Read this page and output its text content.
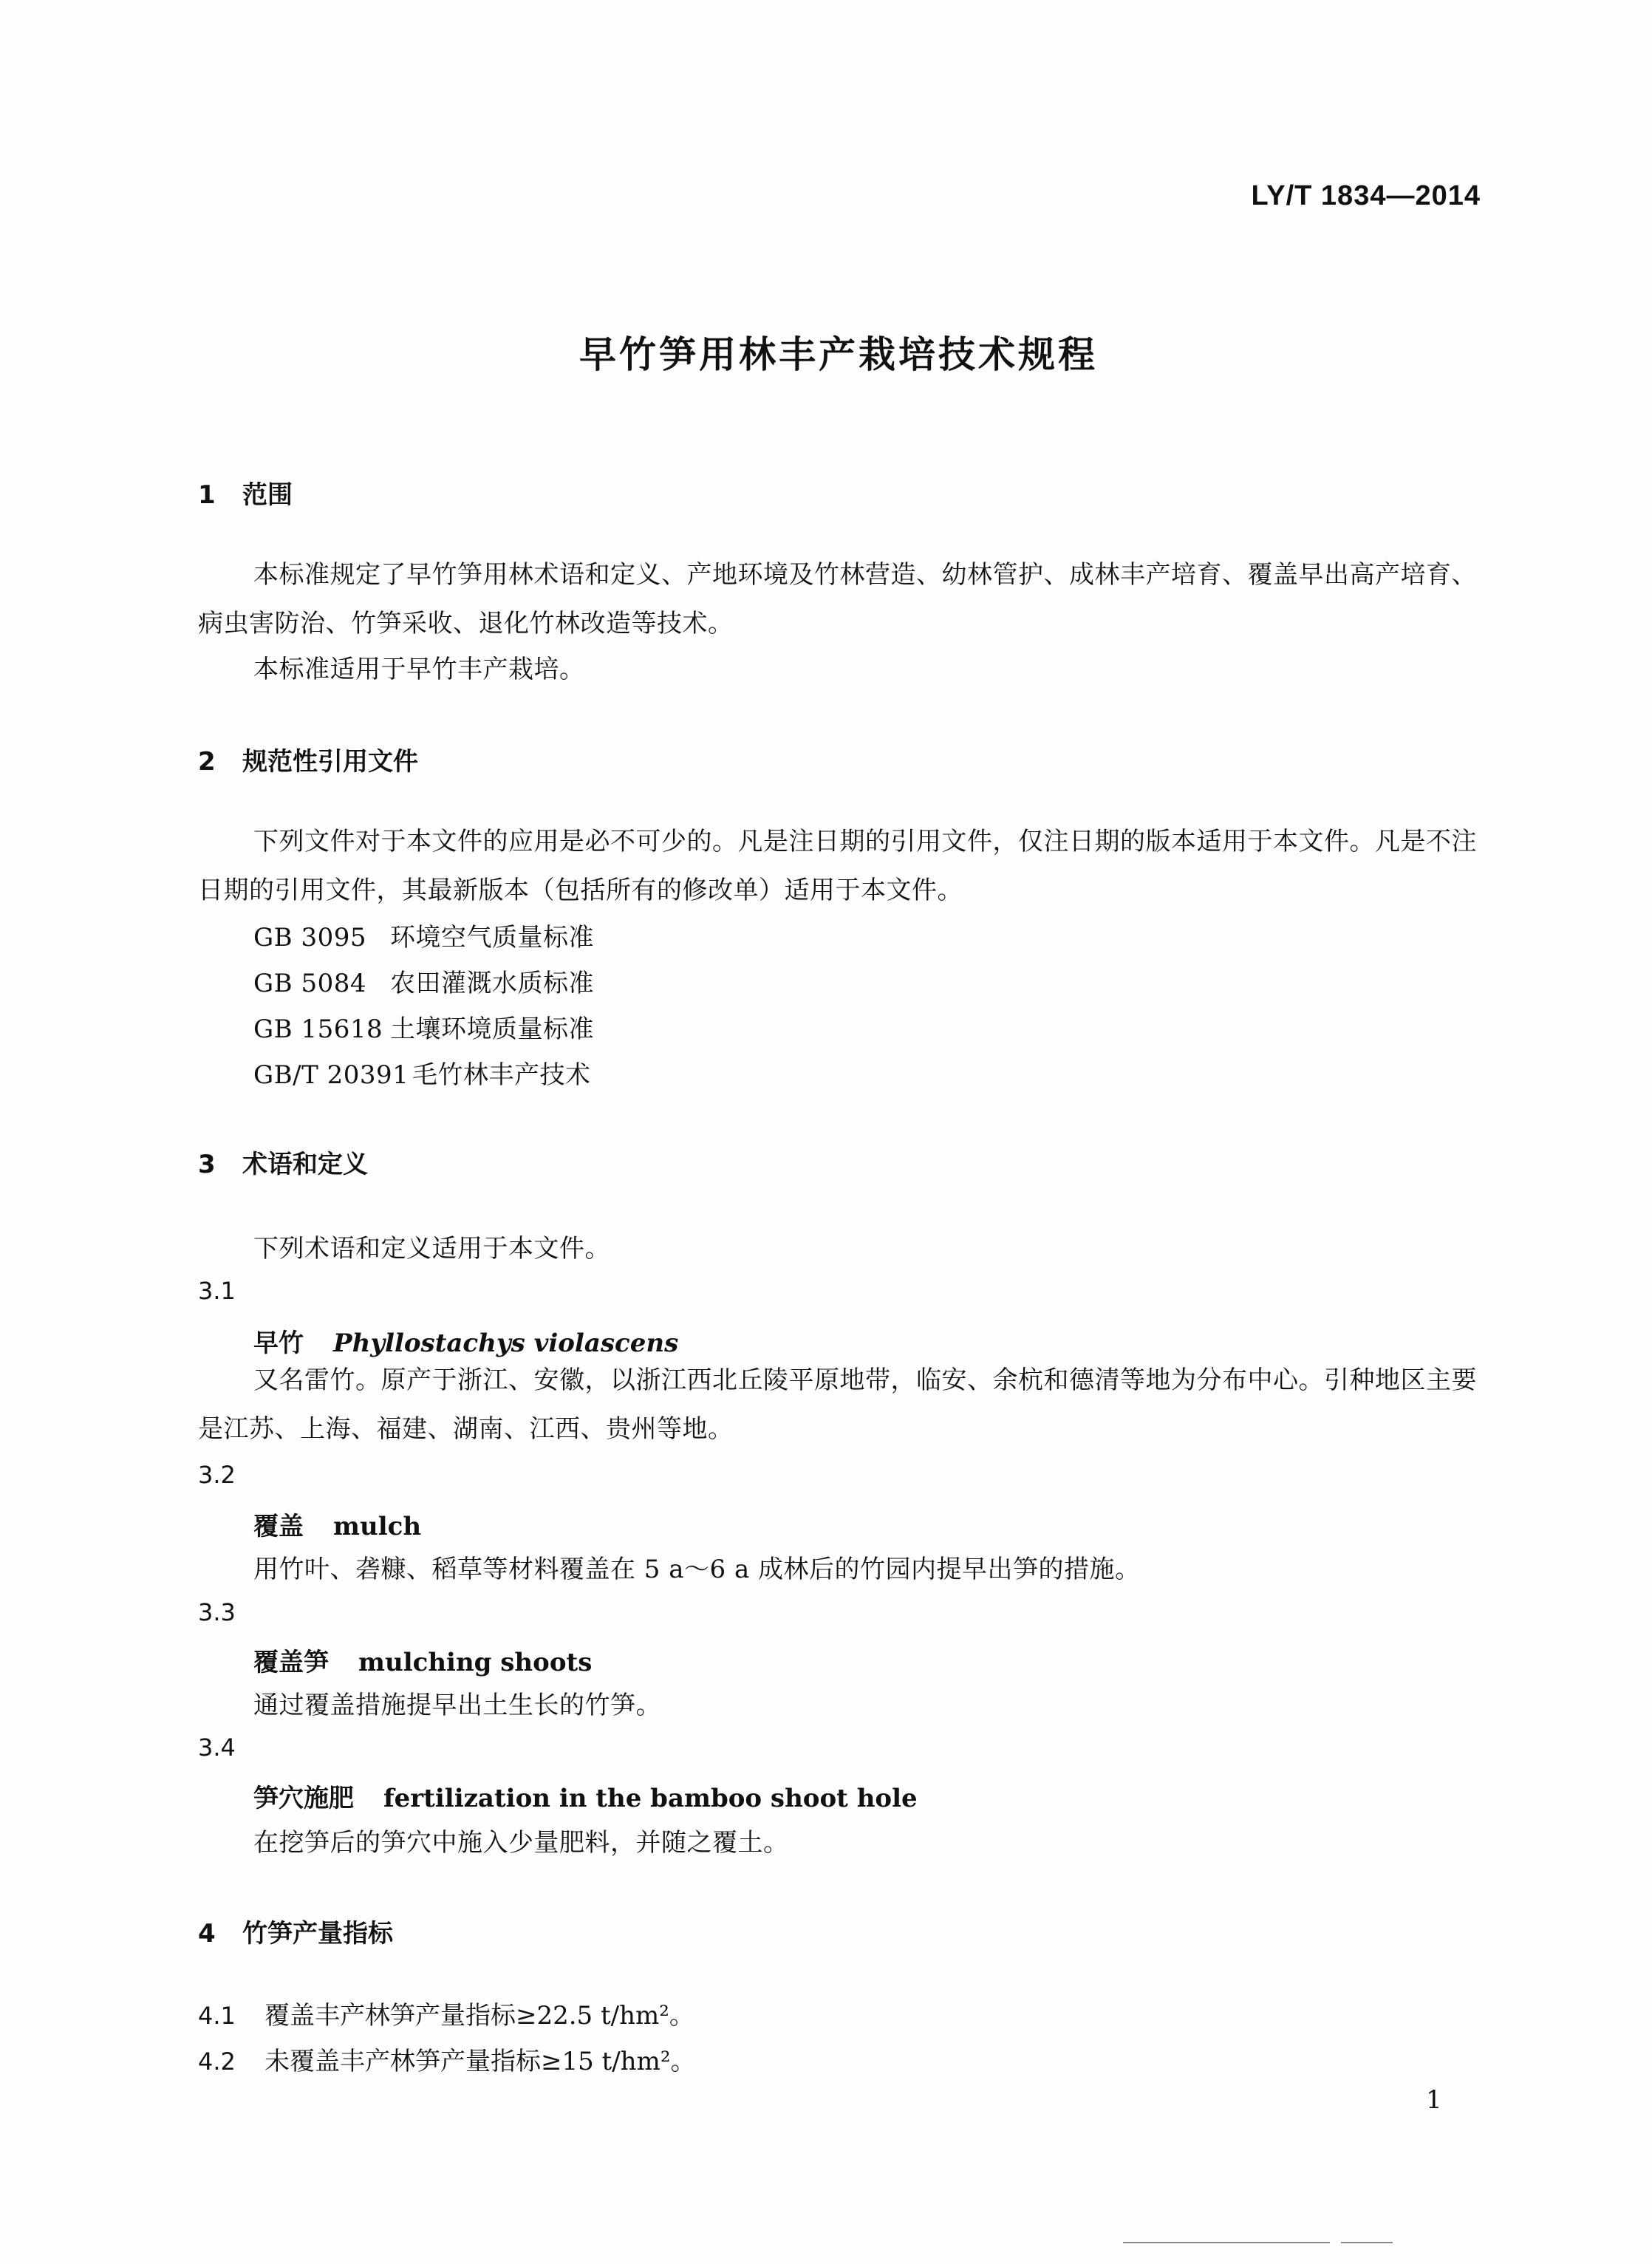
LY/T 1834—2014
早竹笋用林丰产栽培技术规程
1 范围
本标准规定了早竹笋用林术语和定义、产地环境及竹林营造、幼林管护、成林丰产培育、覆盖早出高产培育、病虫害防治、竹笋采收、退化竹林改造等技术。
本标准适用于早竹丰产栽培。
2 规范性引用文件
下列文件对于本文件的应用是必不可少的。凡是注日期的引用文件，仅注日期的版本适用于本文件。凡是不注日期的引用文件，其最新版本（包括所有的修改单）适用于本文件。
GB 3095 环境空气质量标准
GB 5084 农田灌溉水质标准
GB 15618 土壤环境质量标准
GB/T 20391 毛竹林丰产技术
3 术语和定义
下列术语和定义适用于本文件。
3.1
早竹 Phyllostachys violascens
又名雷竹。原产于浙江、安徽，以浙江西北丘陵平原地带，临安、余杭和德清等地为分布中心。引种地区主要是江苏、上海、福建、湖南、江西、贵州等地。
3.2
覆盖 mulch
用竹叶、砻糠、稻草等材料覆盖在 5 a～6 a 成林后的竹园内提早出笋的措施。
3.3
覆盖笋 mulching shoots
通过覆盖措施提早出土生长的竹笋。
3.4
笋穴施肥 fertilization in the bamboo shoot hole
在挖笋后的笋穴中施入少量肥料，并随之覆土。
4 竹笋产量指标
4.1 覆盖丰产林笋产量指标≥22.5 t/hm²。
4.2 未覆盖丰产林笋产量指标≥15 t/hm²。
1
